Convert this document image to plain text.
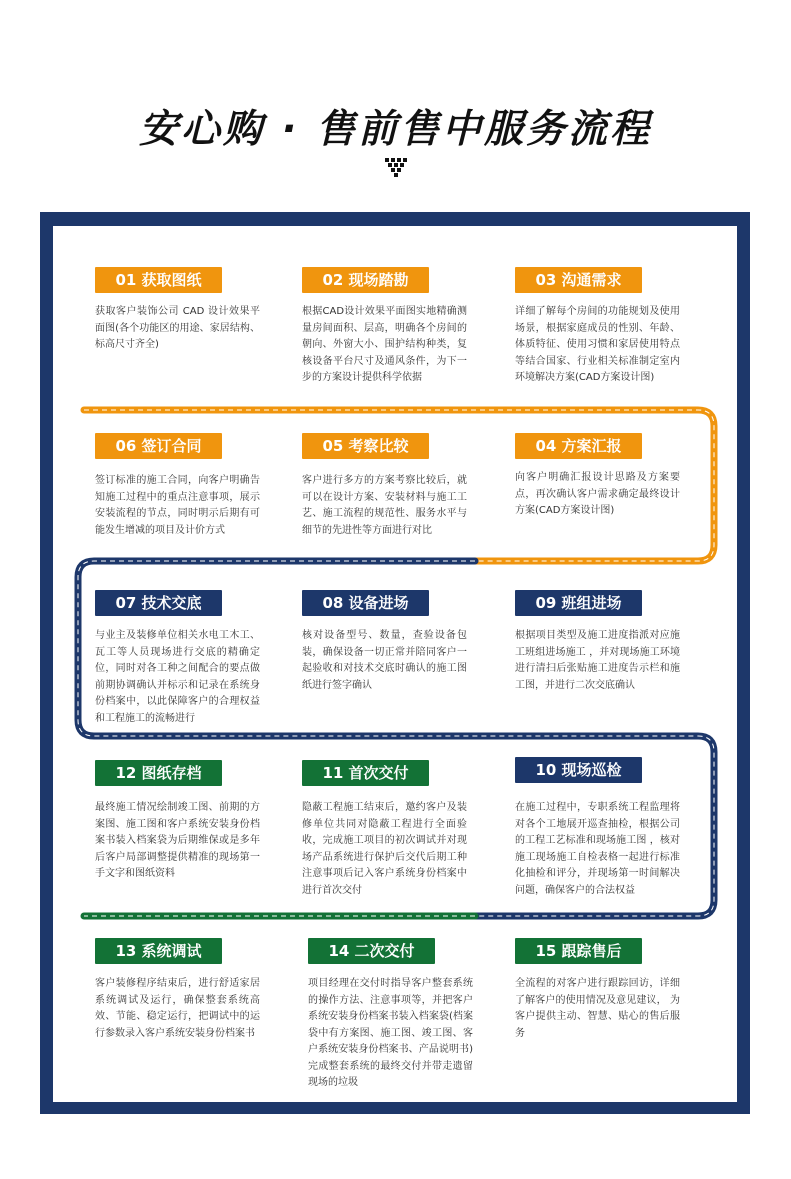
安心购 · 售前售中服务流程
01 获取图纸
获取客户装饰公司 CAD 设计效果平面图(各个功能区的用途、家居结构、标高尺寸齐全)
02 现场踏勘
根据CAD设计效果平面图实地精确测量房间面积、层高，明确各个房间的朝向、外窗大小、围护结构种类，复核设备平台尺寸及通风条件，为下一步的方案设计提供科学依据
03 沟通需求
详细了解每个房间的功能规划及使用场景，根据家庭成员的性别、年龄、体质特征、使用习惯和家居使用特点等结合国家、行业相关标准制定室内环境解决方案(CAD方案设计图)
06 签订合同
签订标准的施工合同，向客户明确告知施工过程中的重点注意事项，展示安装流程的节点，同时明示后期有可能发生增减的项目及计价方式
05 考察比较
客户进行多方的方案考察比较后，就可以在设计方案、安装材料与施工工艺、施工流程的规范性、服务水平与细节的先进性等方面进行对比
04 方案汇报
向客户明确汇报设计思路及方案要点，再次确认客户需求确定最终设计方案(CAD方案设计图)
07 技术交底
与业主及装修单位相关水电工木工、瓦工等人员现场进行交底的精确定位，同时对各工种之间配合的要点做前期协调确认并标示和记录在系统身份档案中，以此保障客户的合理权益和工程施工的流畅进行
08 设备进场
核对设备型号、数量，查验设备包装，确保设备一切正常并陪同客户一起验收和对技术交底时确认的施工图纸进行签字确认
09 班组进场
根据项目类型及施工进度指派对应施工班组进场施工 ，并对现场施工环境进行清扫后张贴施工进度告示栏和施工图，并进行二次交底确认
12 图纸存档
最终施工情况绘制竣工图、前期的方案图、施工图和客户系统安装身份档案书装入档案袋为后期维保或是多年后客户局部调整提供精准的现场第一手文字和图纸资料
11 首次交付
隐蔽工程施工结束后，邀约客户及装修单位共同对隐蔽工程进行全面验收，完成施工项目的初次调试并对现场产品系统进行保护后交代后期工种注意事项后记入客户系统身份档案中进行首次交付
10 现场巡检
在施工过程中，专职系统工程监理将对各个工地展开巡查抽检，根据公司的工程工艺标准和现场施工图 ，核对施工现场施工自检表格一起进行标准化抽检和评分，并现场第一时间解决问题，确保客户的合法权益
13 系统调试
客户装修程序结束后，进行舒适家居系统调试及运行，确保整套系统高效、节能、稳定运行，把调试中的运行参数录入客户系统安装身份档案书
14 二次交付
项目经理在交付时指导客户整套系统的操作方法、注意事项等，并把客户系统安装身份档案书装入档案袋(档案袋中有方案图、施工图、竣工图、客户系统安装身份档案书、产品说明书)完成整套系统的最终交付并带走遗留现场的垃圾
15 跟踪售后
全流程的对客户进行跟踪回访，详细了解客户的使用情况及意见建议， 为客户提供主动、智慧、贴心的售后服务
